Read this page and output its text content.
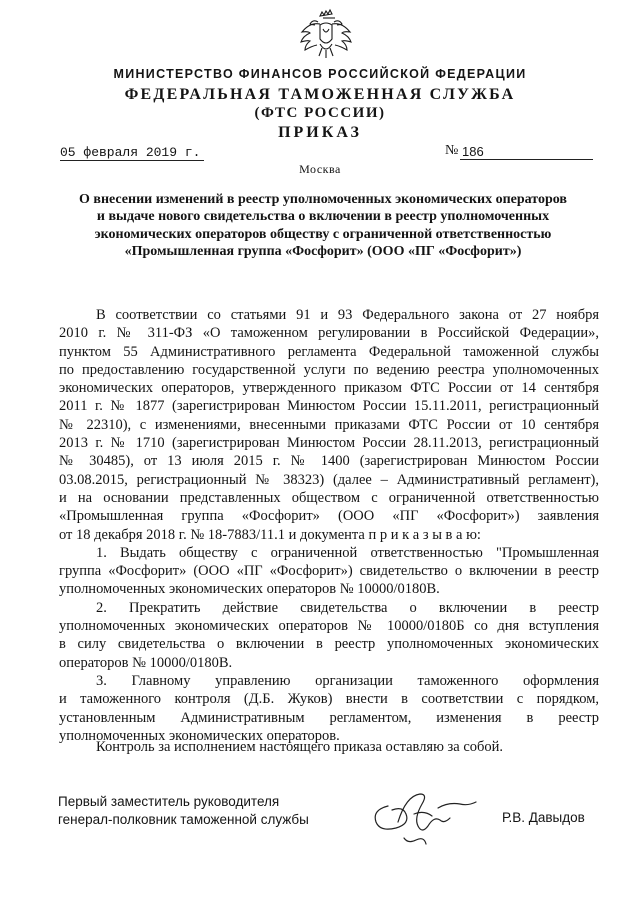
МИНИСТЕРСТВО ФИНАНСОВ РОССИЙСКОЙ ФЕДЕРАЦИИ
ФЕДЕРАЛЬНАЯ ТАМОЖЕННАЯ СЛУЖБА
(ФТС РОССИИ)
ПРИКАЗ
05 февраля 2019 г.	№ 186
Москва
О внесении изменений в реестр уполномоченных экономических операторов
и выдаче нового свидетельства о включении в реестр уполномоченных
экономических операторов обществу с ограниченной ответственностью
«Промышленная группа «Фосфорит» (ООО «ПГ «Фосфорит»)
В соответствии со статьями 91 и 93 Федерального закона от 27 ноября
2010 г. № 311-ФЗ «О таможенном регулировании в Российской Федерации»,
пунктом 55 Административного регламента Федеральной таможенной службы
по предоставлению государственной услуги по ведению реестра уполномоченных
экономических операторов, утвержденного приказом ФТС России от 14 сентября
2011 г. № 1877 (зарегистрирован Минюстом России 15.11.2011, регистрационный
№ 22310), с изменениями, внесенными приказами ФТС России от 10 сентября
2013 г. № 1710 (зарегистрирован Минюстом России 28.11.2013, регистрационный
№ 30485), от 13 июля 2015 г. № 1400 (зарегистрирован Минюстом России
03.08.2015, регистрационный № 38323) (далее – Административный регламент),
и на основании представленных обществом с ограниченной ответственностью
«Промышленная группа «Фосфорит» (ООО «ПГ «Фосфорит») заявления
от 18 декабря 2018 г. № 18-7883/11.1 и документа п р и к а з ы в а ю:
1. Выдать обществу с ограниченной ответственностью "Промышленная
группа «Фосфорит» (ООО «ПГ «Фосфорит») свидетельство о включении в реестр
уполномоченных экономических операторов № 10000/0180В.
2. Прекратить действие свидетельства о включении в реестр
уполномоченных экономических операторов № 10000/0180Б со дня вступления
в силу свидетельства о включении в реестр уполномоченных экономических
операторов № 10000/0180В.
3. Главному управлению организации таможенного оформления
и таможенного контроля (Д.Б. Жуков) внести в соответствии с порядком,
установленным Административным регламентом, изменения в реестр
уполномоченных экономических операторов.
Контроль за исполнением настоящего приказа оставляю за собой.
Первый заместитель руководителя
генерал-полковник таможенной службы	Р.В. Давыдов
